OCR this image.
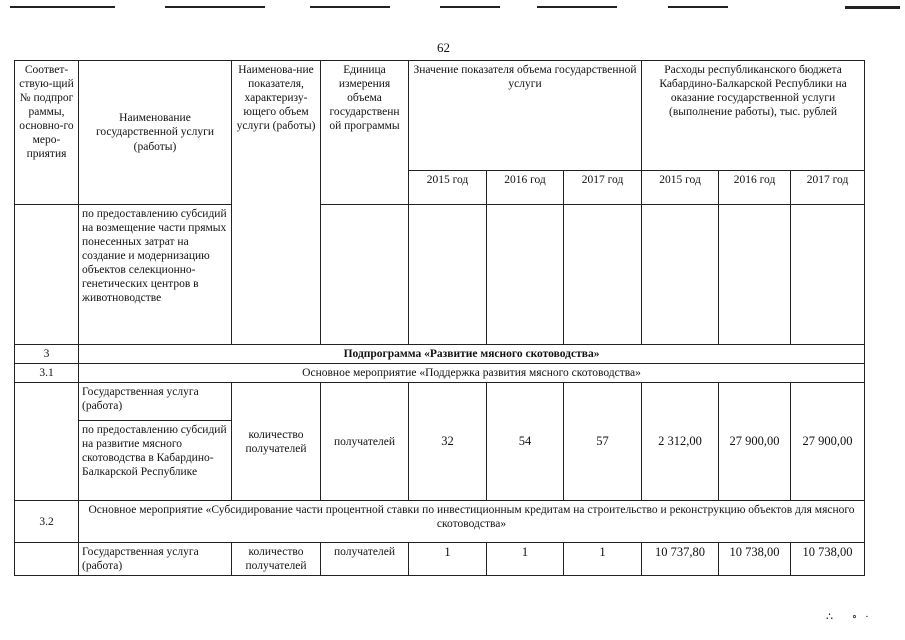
62
Соответ-ствую-щий № подпрог раммы, основно-го меро-приятия	Наименование государственной услуги (работы)	Наименова-ние показателя, характеризу-ющего объем услуги (работы)	Единица измерения объема государственн ой программы	Значение показателя объема государственной услуги			Расходы республиканского бюджета Кабардино-Балкарской Республики на оказание государственной услуги (выполнение работы), тыс. рублей		
				2015 год	2016 год	2017 год	2015 год	2016 год	2017 год
	по предоставлению субсидий на возмещение части прямых понесенных затрат на создание и модернизацию объектов селекционно-генетических центров в животноводстве								
3	Подпрограмма «Развитие мясного скотоводства»								
3.1	Основное мероприятие «Поддержка развития мясного скотоводства»								
	Государственная услуга (работа)	количество получателей	получателей	32	54	57	2 312,00	27 900,00	27 900,00
	по предоставлению субсидий на развитие мясного скотоводства в Кабардино-Балкарской Республике								
3.2	Основное мероприятие «Субсидирование части процентной ставки по инвестиционным кредитам на строительство и реконструкцию объектов для мясного скотоводства»								
	Государственная услуга (работа)	количество получателей	получателей	1	1	1	10 737,80	10 738,00	10 738,00
∴ ∘·
